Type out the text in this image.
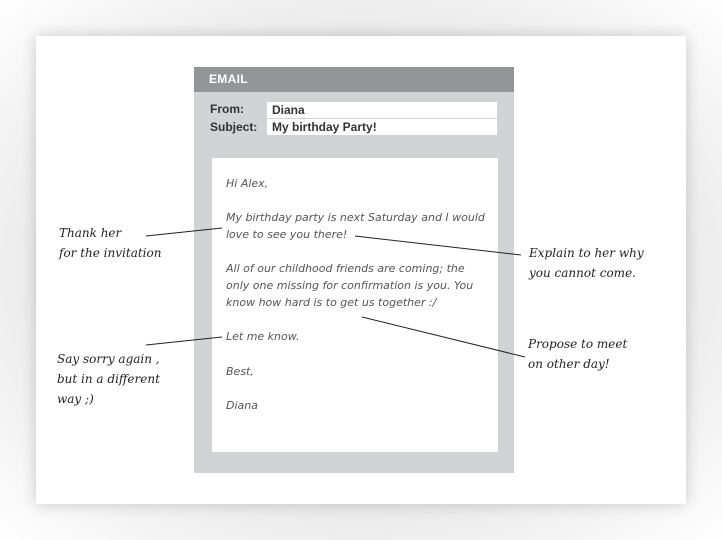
EMAIL
From:	Diana
Subject:	My birthday Party!
Hi Alex,
My birthday party is next Saturday and I would
love to see you there!
All of our childhood friends are coming; the
only one missing for confirmation is you. You
know how hard is to get us together :/
Let me know.
Best,
Diana
Thank her
for the invitation	Explain to her why
you cannot come.
Propose to meet
on other day!
Say sorry again ,
but in a different
way ;)
